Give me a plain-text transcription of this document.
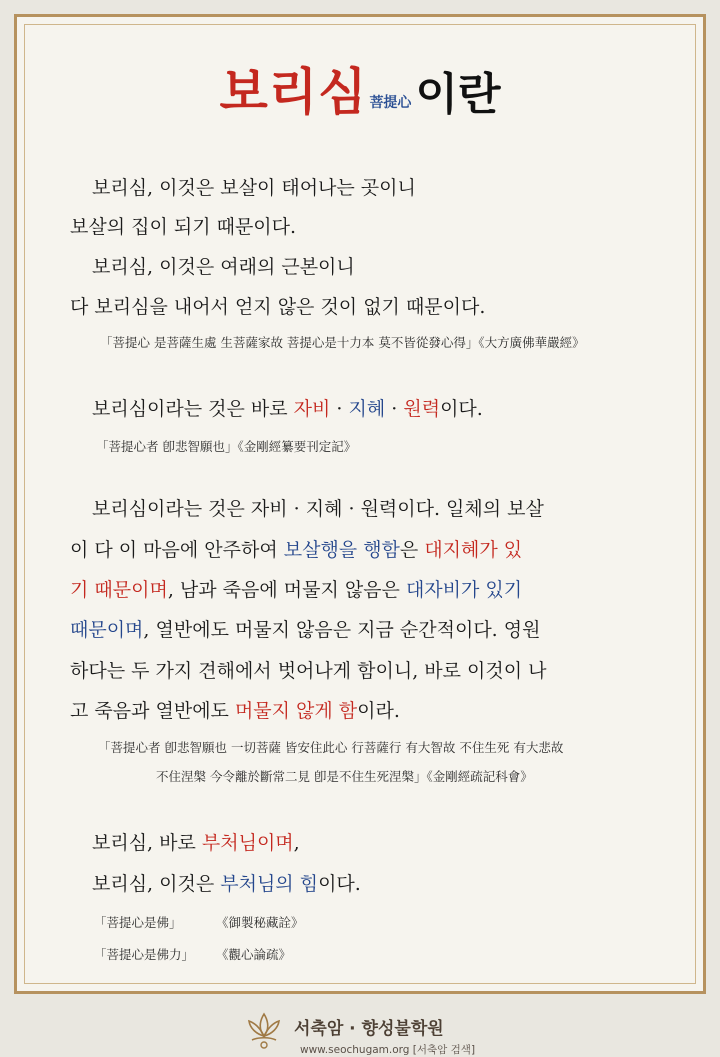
보리심 菩提心이란
보리심, 이것은 보살이 태어나는 곳이니
보살의 집이 되기 때문이다.
보리심, 이것은 여래의 근본이니
다 보리심을 내어서 얻지 않은 것이 없기 때문이다.
「菩提心 是菩薩生處 生菩薩家故 菩提心是十力本 莫不皆從發心得」《大方廣佛華嚴經》
보리심이라는 것은 바로 자비 · 지혜 · 원력이다.
「菩提心者 卽悲智願也」《金剛經纂要刊定記》
보리심이라는 것은 자비 · 지혜 · 원력이다. 일체의 보살
이 다 이 마음에 안주하여 보살행을 행함은 대지혜가 있
기 때문이며, 남과 죽음에 머물지 않음은 대자비가 있기
때문이며, 열반에도 머물지 않음은 지금 순간적이다. 영원
하다는 두 가지 견해에서 벗어나게 함이니, 바로 이것이 나
고 죽음과 열반에도 머물지 않게 함이라.
「菩提心者 卽悲智願也 一切菩薩 皆安住此心 行菩薩行 有大智故 不住生死 有大悲故
不住涅槃 今令離於斷常二見 卽是不住生死涅槃」《金剛經疏記科會》
보리심, 바로 부처님이며,
보리심, 이것은 부처님의 힘이다.
「菩提心是佛」	《御製秘藏詮》
「菩提心是佛力」 《觀心論疏》
서축암 · 향성불학원
www.seochugam.org [서축암 검색]
